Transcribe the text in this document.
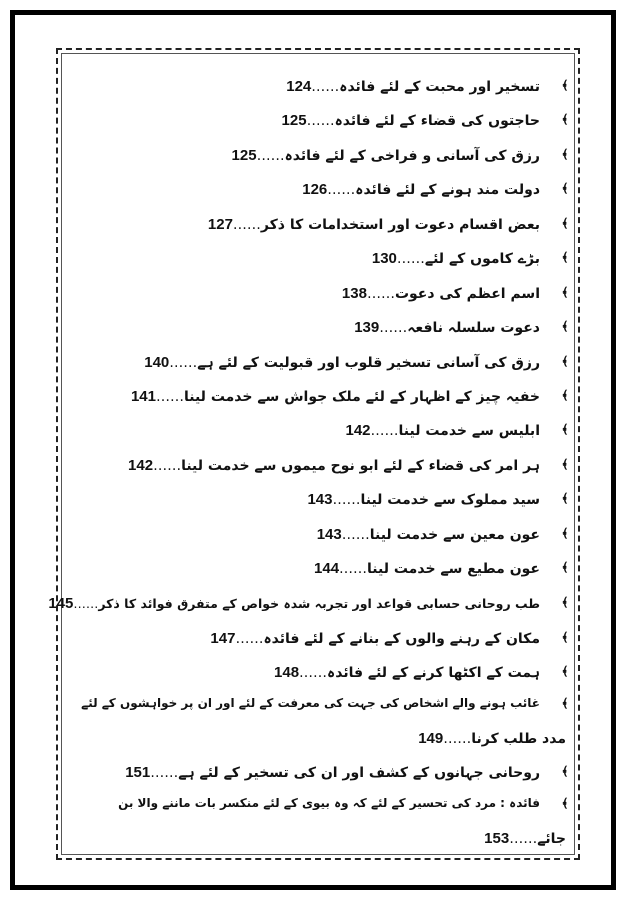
﴾
تسخیر اور محبت کے لئے فائدہ……124
﴾
حاجتوں کی قضاء کے لئے فائدہ……125
﴾
رزق کی آسانی و فراخی کے لئے فائدہ……125
﴾
دولت مند ہونے کے لئے فائدہ……126
﴾
بعض اقسام دعوت اور استخدامات کا ذکر……127
﴾
بڑے کاموں کے لئے……130
﴾
اسم اعظم کی دعوت……138
﴾
دعوت سلسلہ نافعہ……139
﴾
رزق کی آسانی تسخیر قلوب اور قبولیت کے لئے ہے……140
﴾
خفیہ چیز کے اظہار کے لئے ملک جواش سے خدمت لینا……141
﴾
ابلیس سے خدمت لینا……142
﴾
ہر امر کی قضاء کے لئے ابو نوح میموں سے خدمت لینا……142
﴾
سید مملوک سے خدمت لینا……143
﴾
عون معین سے خدمت لینا……143
﴾
عون مطیع سے خدمت لینا……144
﴾
طب روحانی حسابی قواعد اور تجربہ شدہ خواص کے متفرق فوائد کا ذکر……145
﴾
مکان کے رہنے والوں کے بنانے کے لئے فائدہ……147
﴾
ہمت کے اکٹھا کرنے کے لئے فائدہ……148
﴾
غائب ہونے والے اشخاص کی جہت کی معرفت کے لئے اور ان پر خواہشوں کے لئے
مدد طلب کرنا……149
﴾
روحانی جہانوں کے کشف اور ان کی تسخیر کے لئے ہے……151
﴾
فائدہ : مرد کی تحسیر کے لئے کہ وہ بیوی کے لئے منکسر بات ماننے والا بن
جائے……153
